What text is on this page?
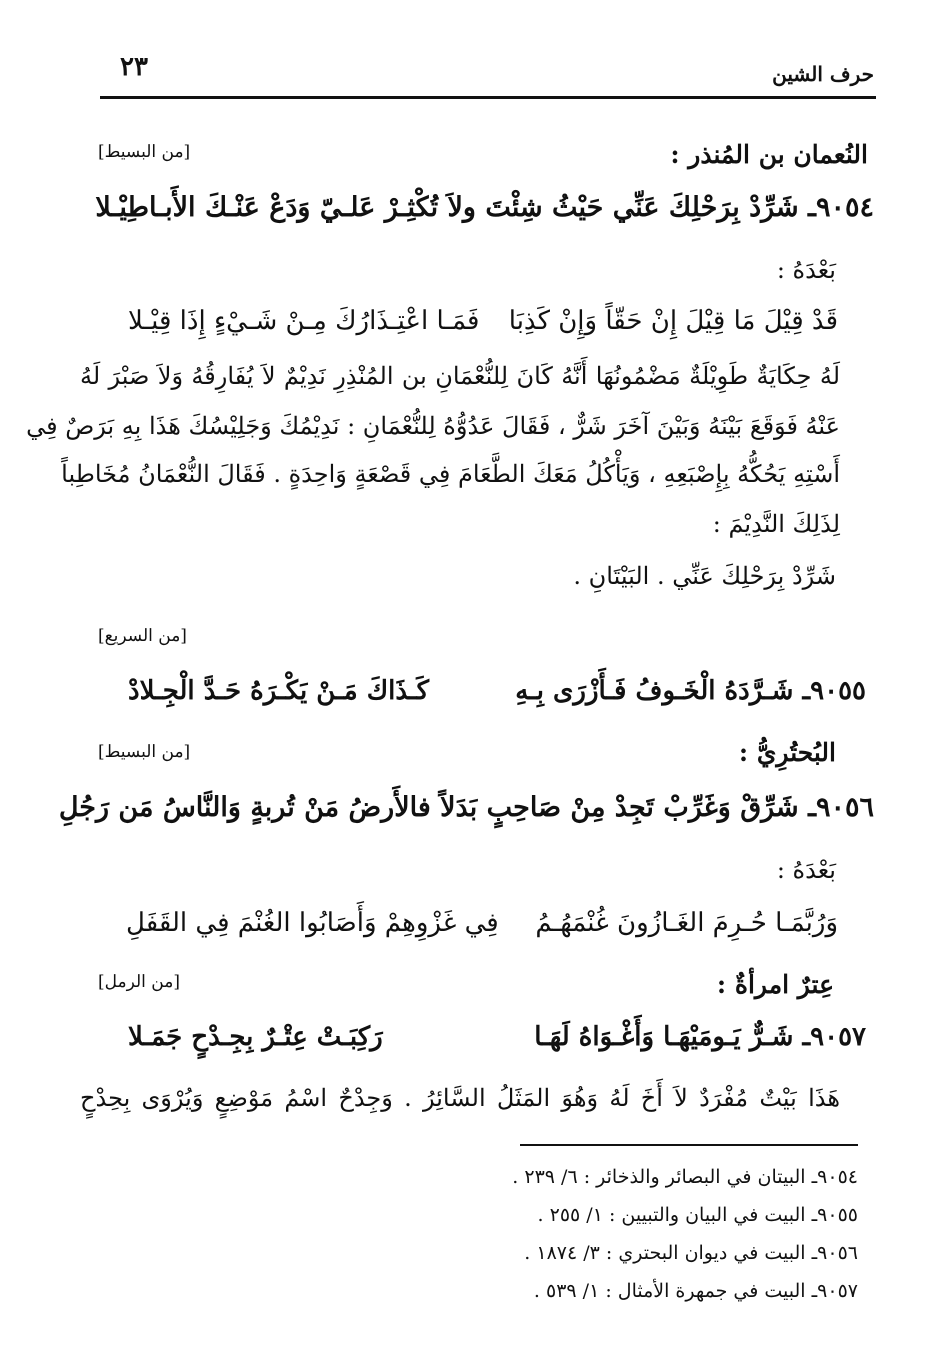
٢٣	حرف الشين
النُعمان بن المُنذر :
[من البسيط]
٩٠٥٤ـ شَرِّدْ بِرَحْلِكَ عَنِّي حَيْثُ شِئْتَ ولاَ تُكْثِـرْ عَلـيّ وَدَعْ عَنْـكَ الأَبـاطِيْـلا
بَعْدَهُ :
قَدْ قِيْلَ مَا قِيْلَ إِنْ حَقّاً وَإِنْ كَذِبَا
فَمَـا اعْتِـذَارُكَ مِـنْ شَـيْءٍ إِذَا قِيْـلا
لَهُ حِكَايَةٌ طَوِيْلَةٌ مَضْمُونُهَا أَنَّهُ كَانَ لِلنُّعْمَانِ بن المُنْذِرِ نَدِيْمٌ لاَ يُفَارِقُهُ وَلاَ صَبْرَ لَهُ
عَنْهُ فَوَقَعَ بَيْنَهُ وَبَيْنَ آخَرَ شَرٌّ ، فَقَالَ عَدُوُّهُ لِلنُّعْمَانِ : نَدِيْمُكَ وَجَلِيْسُكَ هَذَا بِهِ بَرَصٌ فِي
أَسْتِهِ يَحُكُّهُ بِإِصْبَعِهِ ، وَيَأْكُلُ مَعَكَ الطَّعَامَ فِي قَصْعَةٍ وَاحِدَةٍ . فَقَالَ النُّعْمَانُ مُخَاطِباً
لِذَلِكَ النَّدِيْمَ :
شَرِّدْ بِرَحْلِكَ عَنِّي . البَيْتَانِ .
[من السريع]
٩٠٥٥ـ شَـرَّدَهُ الْخَـوفُ فَـأَزْرَى بِـهِ
كَـذَاكَ مَـنْ يَكْـرَهُ حَـدَّ الْجِـلادْ
البُحتُرِيُّ :
[من البسيط]
٩٠٥٦ـ شَرِّقْ وَغَرِّبْ تَجِدْ مِنْ صَاحِبٍ بَدَلاً فالأَرضُ مَنْ تُربةٍ وَالنَّاسُ مَن رَجُلِ
بَعْدَهُ :
وَرُبَّمَـا حُـرِمَ الغَـازُونَ غُنْمَهُـمُ
فِي غَزْوِهِمْ وَأَصَابُوا الغُنْمَ فِي القَفَلِ
عِترٌ امرأةٌ :
[من الرمل]
٩٠٥٧ـ شَـرٌّ يَـومَيْهَـا وَأَغْـوَاهُ لَهَـا
رَكِبَـتْ عِتْـرٌ بِجِـدْحٍ جَمَـلا
هَذَا بَيْتٌ مُفْرَدٌ لاَ أَخَ لَهُ وَهُوَ المَثَلُ السَّائِرُ . وَجِدْحٌ اسْمُ مَوْضِعٍ وَيُرْوَى بِحِدْحٍ
٩٠٥٤ـ البيتان في البصائر والذخائر : ٦/ ٢٣٩ .
٩٠٥٥ـ البيت في البيان والتبيين : ١/ ٢٥٥ .
٩٠٥٦ـ البيت في ديوان البحتري : ٣/ ١٨٧٤ .
٩٠٥٧ـ البيت في جمهرة الأمثال : ١/ ٥٣٩ .
